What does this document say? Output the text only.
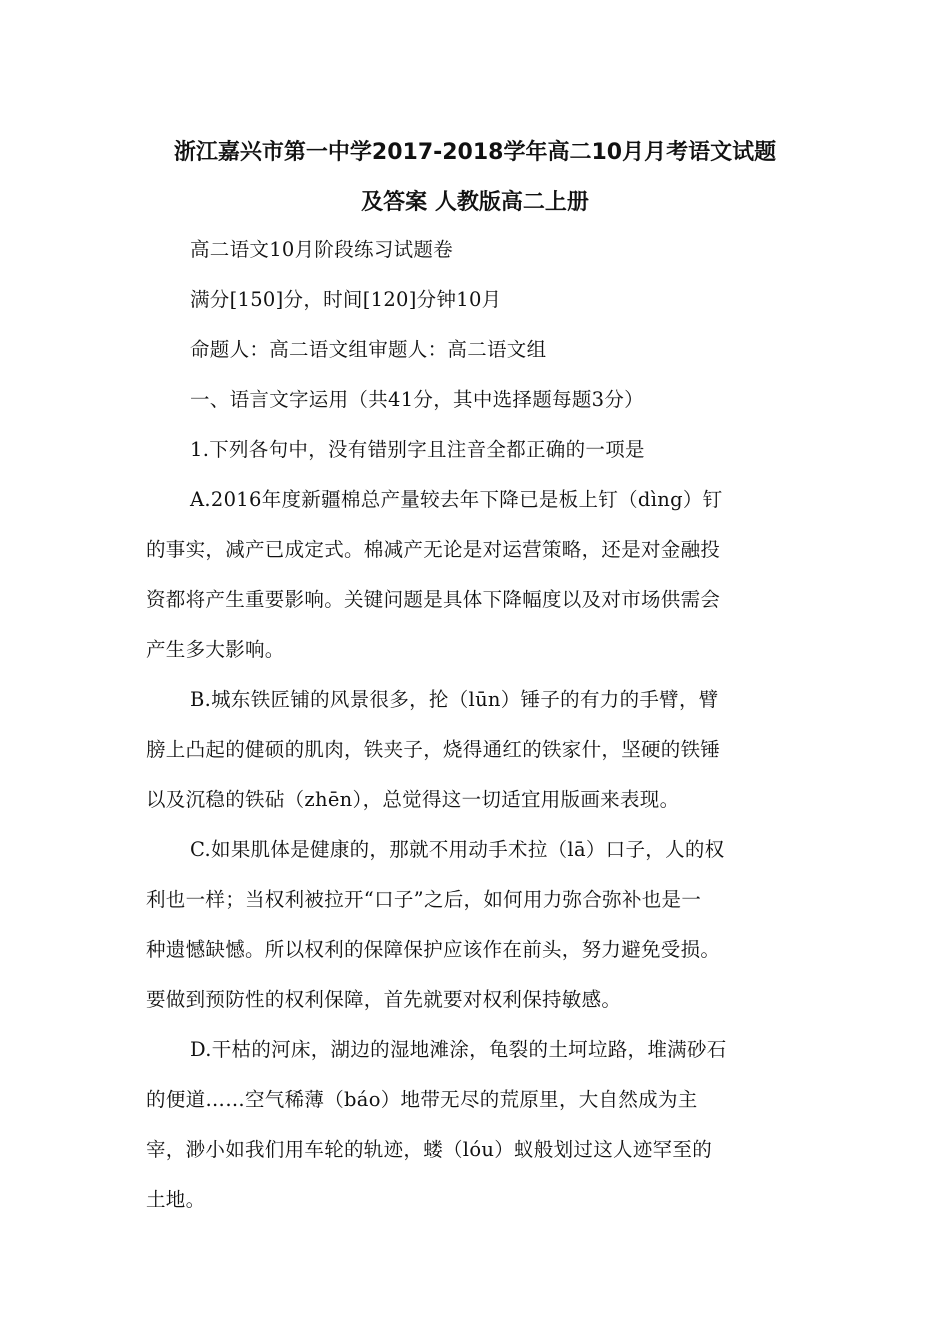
浙江嘉兴市第一中学2017-2018学年高二10月月考语文试题
及答案 人教版高二上册
高二语文10月阶段练习试题卷
满分[150]分，时间[120]分钟10月
命题人：高二语文组审题人：高二语文组
一、语言文字运用（共41分，其中选择题每题3分）
1.下列各句中，没有错别字且注音全都正确的一项是
A.2016年度新疆棉总产量较去年下降已是板上钉（dìng）钉
的事实，减产已成定式。棉减产无论是对运营策略，还是对金融投
资都将产生重要影响。关键问题是具体下降幅度以及对市场供需会
产生多大影响。
B.城东铁匠铺的风景很多，抡（lūn）锤子的有力的手臂，臂
膀上凸起的健硕的肌肉，铁夹子，烧得通红的铁家什，坚硬的铁锤
以及沉稳的铁砧（zhēn），总觉得这一切适宜用版画来表现。
C.如果肌体是健康的，那就不用动手术拉（lā）口子，人的权
利也一样；当权利被拉开“口子”之后，如何用力弥合弥补也是一
种遗憾缺憾。所以权利的保障保护应该作在前头，努力避免受损。
要做到预防性的权利保障，首先就要对权利保持敏感。
D.干枯的河床，湖边的湿地滩涂，龟裂的土坷垃路，堆满砂石
的便道……空气稀薄（báo）地带无尽的荒原里，大自然成为主
宰，渺小如我们用车轮的轨迹，蝼（lóu）蚁般划过这人迹罕至的
土地。
